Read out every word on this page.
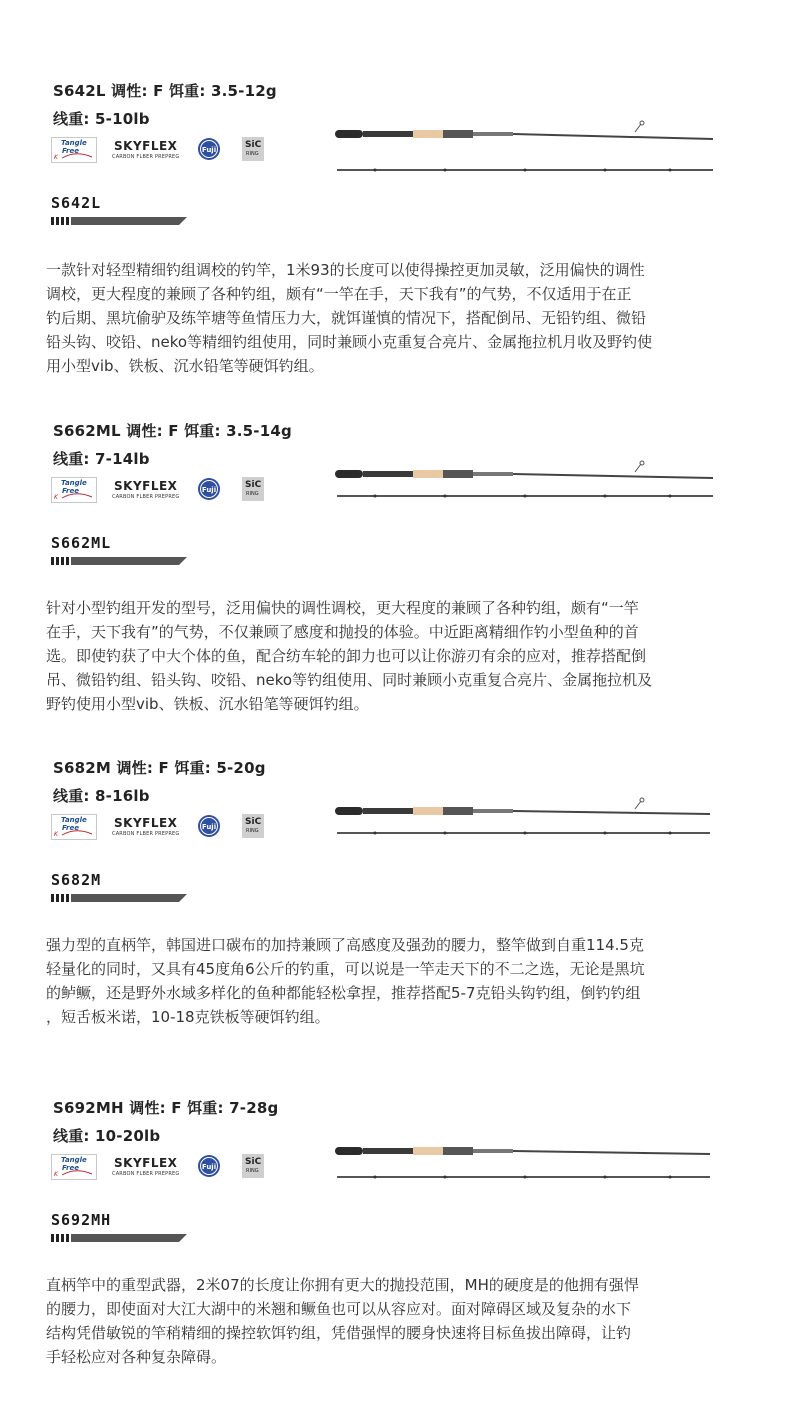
S642L 调性: F 饵重: 3.5-12g
线重: 5-10lb
Tangle
Free
K
SKYFLEX
CARBON FLBER PREPREG
Fuji	SiC
RING
S642L
一款针对轻型精细钓组调校的钓竿，1米93的长度可以使得操控更加灵敏，泛用偏快的调性
调校，更大程度的兼顾了各种钓组，颇有“一竿在手，天下我有”的气势，不仅适用于在正
钓后期、黑坑偷驴及练竿塘等鱼情压力大，就饵谨慎的情况下，搭配倒吊、无铅钓组、微铅
铅头钩、咬铅、neko等精细钓组使用，同时兼顾小克重复合亮片、金属拖拉机月收及野钓使
用小型vib、铁板、沉水铅笔等硬饵钓组。
S662ML 调性: F 饵重: 3.5-14g
线重: 7-14lb
Tangle
Free
K
SKYFLEX
CARBON FLBER PREPREG
Fuji	SiC
RING
S662ML
针对小型钓组开发的型号，泛用偏快的调性调校，更大程度的兼顾了各种钓组，颇有“一竿
在手，天下我有”的气势，不仅兼顾了感度和抛投的体验。中近距离精细作钓小型鱼种的首
选。即使钓获了中大个体的鱼，配合纺车轮的卸力也可以让你游刃有余的应对，推荐搭配倒
吊、微铅钓组、铅头钩、咬铅、neko等钓组使用、同时兼顾小克重复合亮片、金属拖拉机及
野钓使用小型vib、铁板、沉水铅笔等硬饵钓组。
S682M 调性: F 饵重: 5-20g
线重: 8-16lb
Tangle
Free
K
SKYFLEX
CARBON FLBER PREPREG
Fuji	SiC
RING
S682M
强力型的直柄竿，韩国进口碳布的加持兼顾了高感度及强劲的腰力，整竿做到自重114.5克
轻量化的同时，又具有45度角6公斤的钓重，可以说是一竿走天下的不二之选，无论是黑坑
的鲈鳜，还是野外水域多样化的鱼种都能轻松拿捏，推荐搭配5-7克铅头钩钓组，倒钓钓组
，短舌板米诺，10-18克铁板等硬饵钓组。
S692MH 调性: F 饵重: 7-28g
线重: 10-20lb
Tangle
Free
K
SKYFLEX
CARBON FLBER PREPREG
Fuji	SiC
RING
S692MH
直柄竿中的重型武器，2米07的长度让你拥有更大的抛投范围，MH的硬度是的他拥有强悍
的腰力，即使面对大江大湖中的米翘和鳜鱼也可以从容应对。面对障碍区域及复杂的水下
结构凭借敏锐的竿稍精细的操控软饵钓组，凭借强悍的腰身快速将目标鱼拔出障碍，让钓
手轻松应对各种复杂障碍。
